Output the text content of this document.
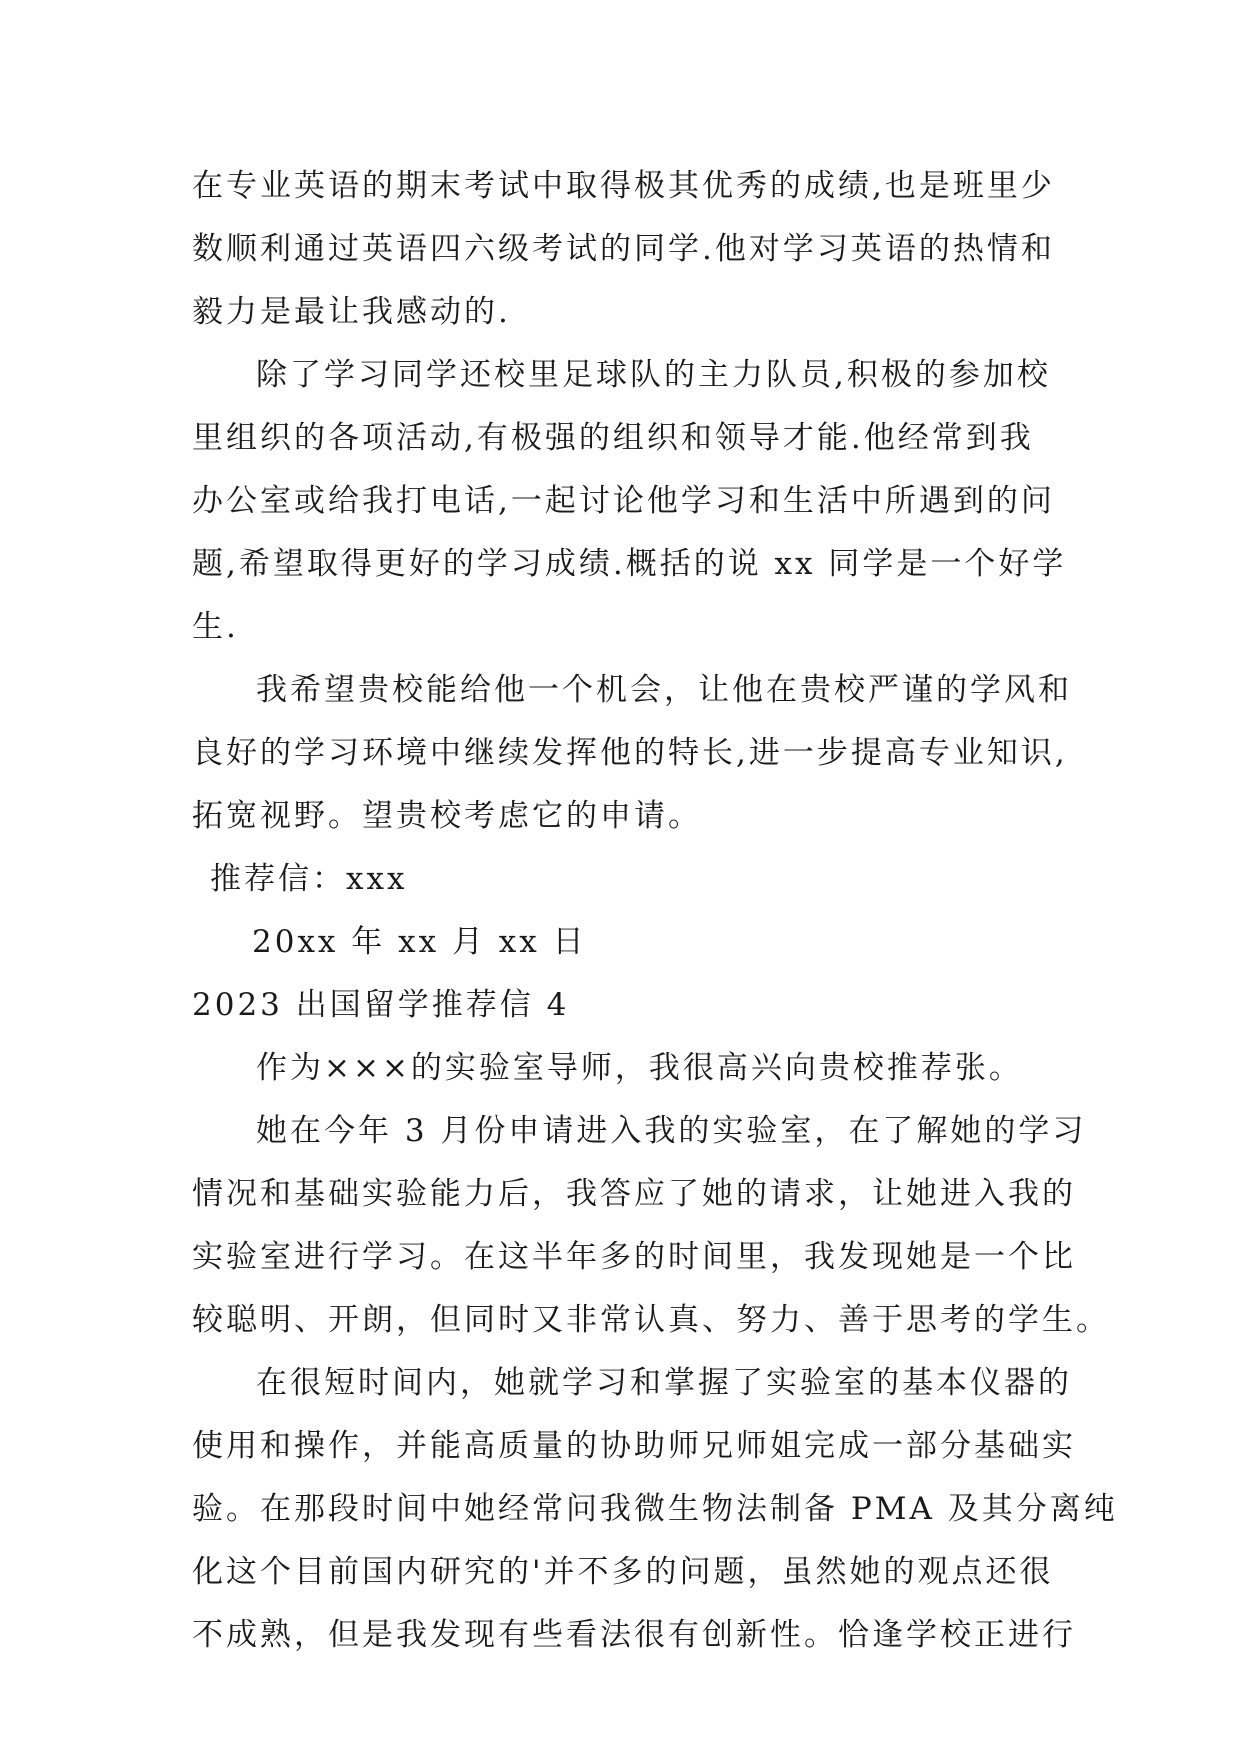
在专业英语的期末考试中取得极其优秀的成绩,也是班里少
数顺利通过英语四六级考试的同学.他对学习英语的热情和
毅力是最让我感动的.
除了学习同学还校里足球队的主力队员,积极的参加校
里组织的各项活动,有极强的组织和领导才能.他经常到我
办公室或给我打电话,一起讨论他学习和生活中所遇到的问
题,希望取得更好的学习成绩.概括的说 xx 同学是一个好学
生.
我希望贵校能给他一个机会，让他在贵校严谨的学风和
良好的学习环境中继续发挥他的特长,进一步提高专业知识,
拓宽视野。望贵校考虑它的申请。
推荐信：xxx
20xx 年 xx 月 xx 日
2023 出国留学推荐信 4
作为×××的实验室导师，我很高兴向贵校推荐张。
她在今年 3 月份申请进入我的实验室，在了解她的学习
情况和基础实验能力后，我答应了她的请求，让她进入我的
实验室进行学习。在这半年多的时间里，我发现她是一个比
较聪明、开朗，但同时又非常认真、努力、善于思考的学生。
在很短时间内，她就学习和掌握了实验室的基本仪器的
使用和操作，并能高质量的协助师兄师姐完成一部分基础实
验。在那段时间中她经常问我微生物法制备 PMA 及其分离纯
化这个目前国内研究的'并不多的问题，虽然她的观点还很
不成熟，但是我发现有些看法很有创新性。恰逢学校正进行
